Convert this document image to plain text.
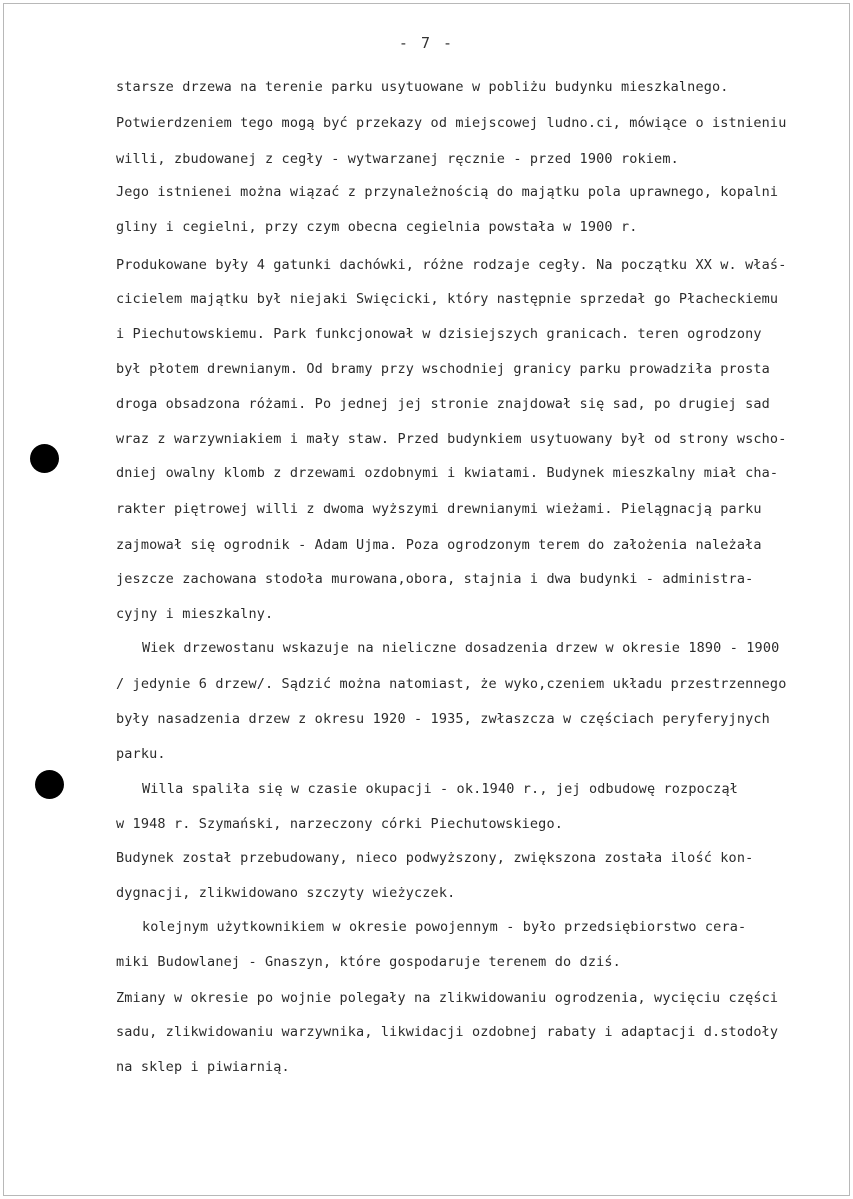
- 7 -
starsze drzewa na terenie parku usytuowane w pobliżu budynku mieszkalnego.
Potwierdzeniem tego mogą być przekazy od miejscowej ludno.ci, mówiące o istnieniu
willi, zbudowanej z cegły - wytwarzanej ręcznie - przed 1900 rokiem.
Jego istnienei można wiązać z przynależnością do majątku pola uprawnego, kopalni
gliny i cegielni, przy czym obecna cegielnia powstała w 1900 r.
Produkowane były 4 gatunki dachówki, różne rodzaje cegły. Na początku XX w. właś-
cicielem majątku był niejaki Swięcicki, który następnie sprzedał go Płacheckiemu
i Piechutowskiemu. Park funkcjonował w dzisiejszych granicach. teren ogrodzony
był płotem drewnianym. Od bramy przy wschodniej granicy parku prowadziła prosta
droga obsadzona różami. Po jednej jej stronie znajdował się sad, po drugiej sad
wraz z warzywniakiem i mały staw. Przed budynkiem usytuowany był od strony wscho-
dniej owalny klomb z drzewami ozdobnymi i kwiatami. Budynek mieszkalny miał cha-
rakter piętrowej willi z dwoma wyższymi drewnianymi wieżami. Pielągnacją parku
zajmował się ogrodnik - Adam Ujma. Poza ogrodzonym terem do założenia należała
jeszcze zachowana stodoła murowana,obora, stajnia i dwa budynki - administra-
cyjny i mieszkalny.
Wiek drzewostanu wskazuje na nieliczne dosadzenia drzew w okresie 1890 - 1900
/ jedynie 6 drzew/. Sądzić można natomiast, że wyko,czeniem układu przestrzennego
były nasadzenia drzew z okresu 1920 - 1935, zwłaszcza w częściach peryferyjnych
parku.
Willa spaliła się w czasie okupacji - ok.1940 r., jej odbudowę rozpoczął
w 1948 r. Szymański, narzeczony córki Piechutowskiego.
Budynek został przebudowany, nieco podwyższony, zwiększona została ilość kon-
dygnacji, zlikwidowano szczyty wieżyczek.
kolejnym użytkownikiem w okresie powojennym - było przedsiębiorstwo cera-
miki Budowlanej - Gnaszyn, które gospodaruje terenem do dziś.
Zmiany w okresie po wojnie polegały na zlikwidowaniu ogrodzenia, wycięciu części
sadu, zlikwidowaniu warzywnika, likwidacji ozdobnej rabaty i adaptacji d.stodoły
na sklep i piwiarnią.
